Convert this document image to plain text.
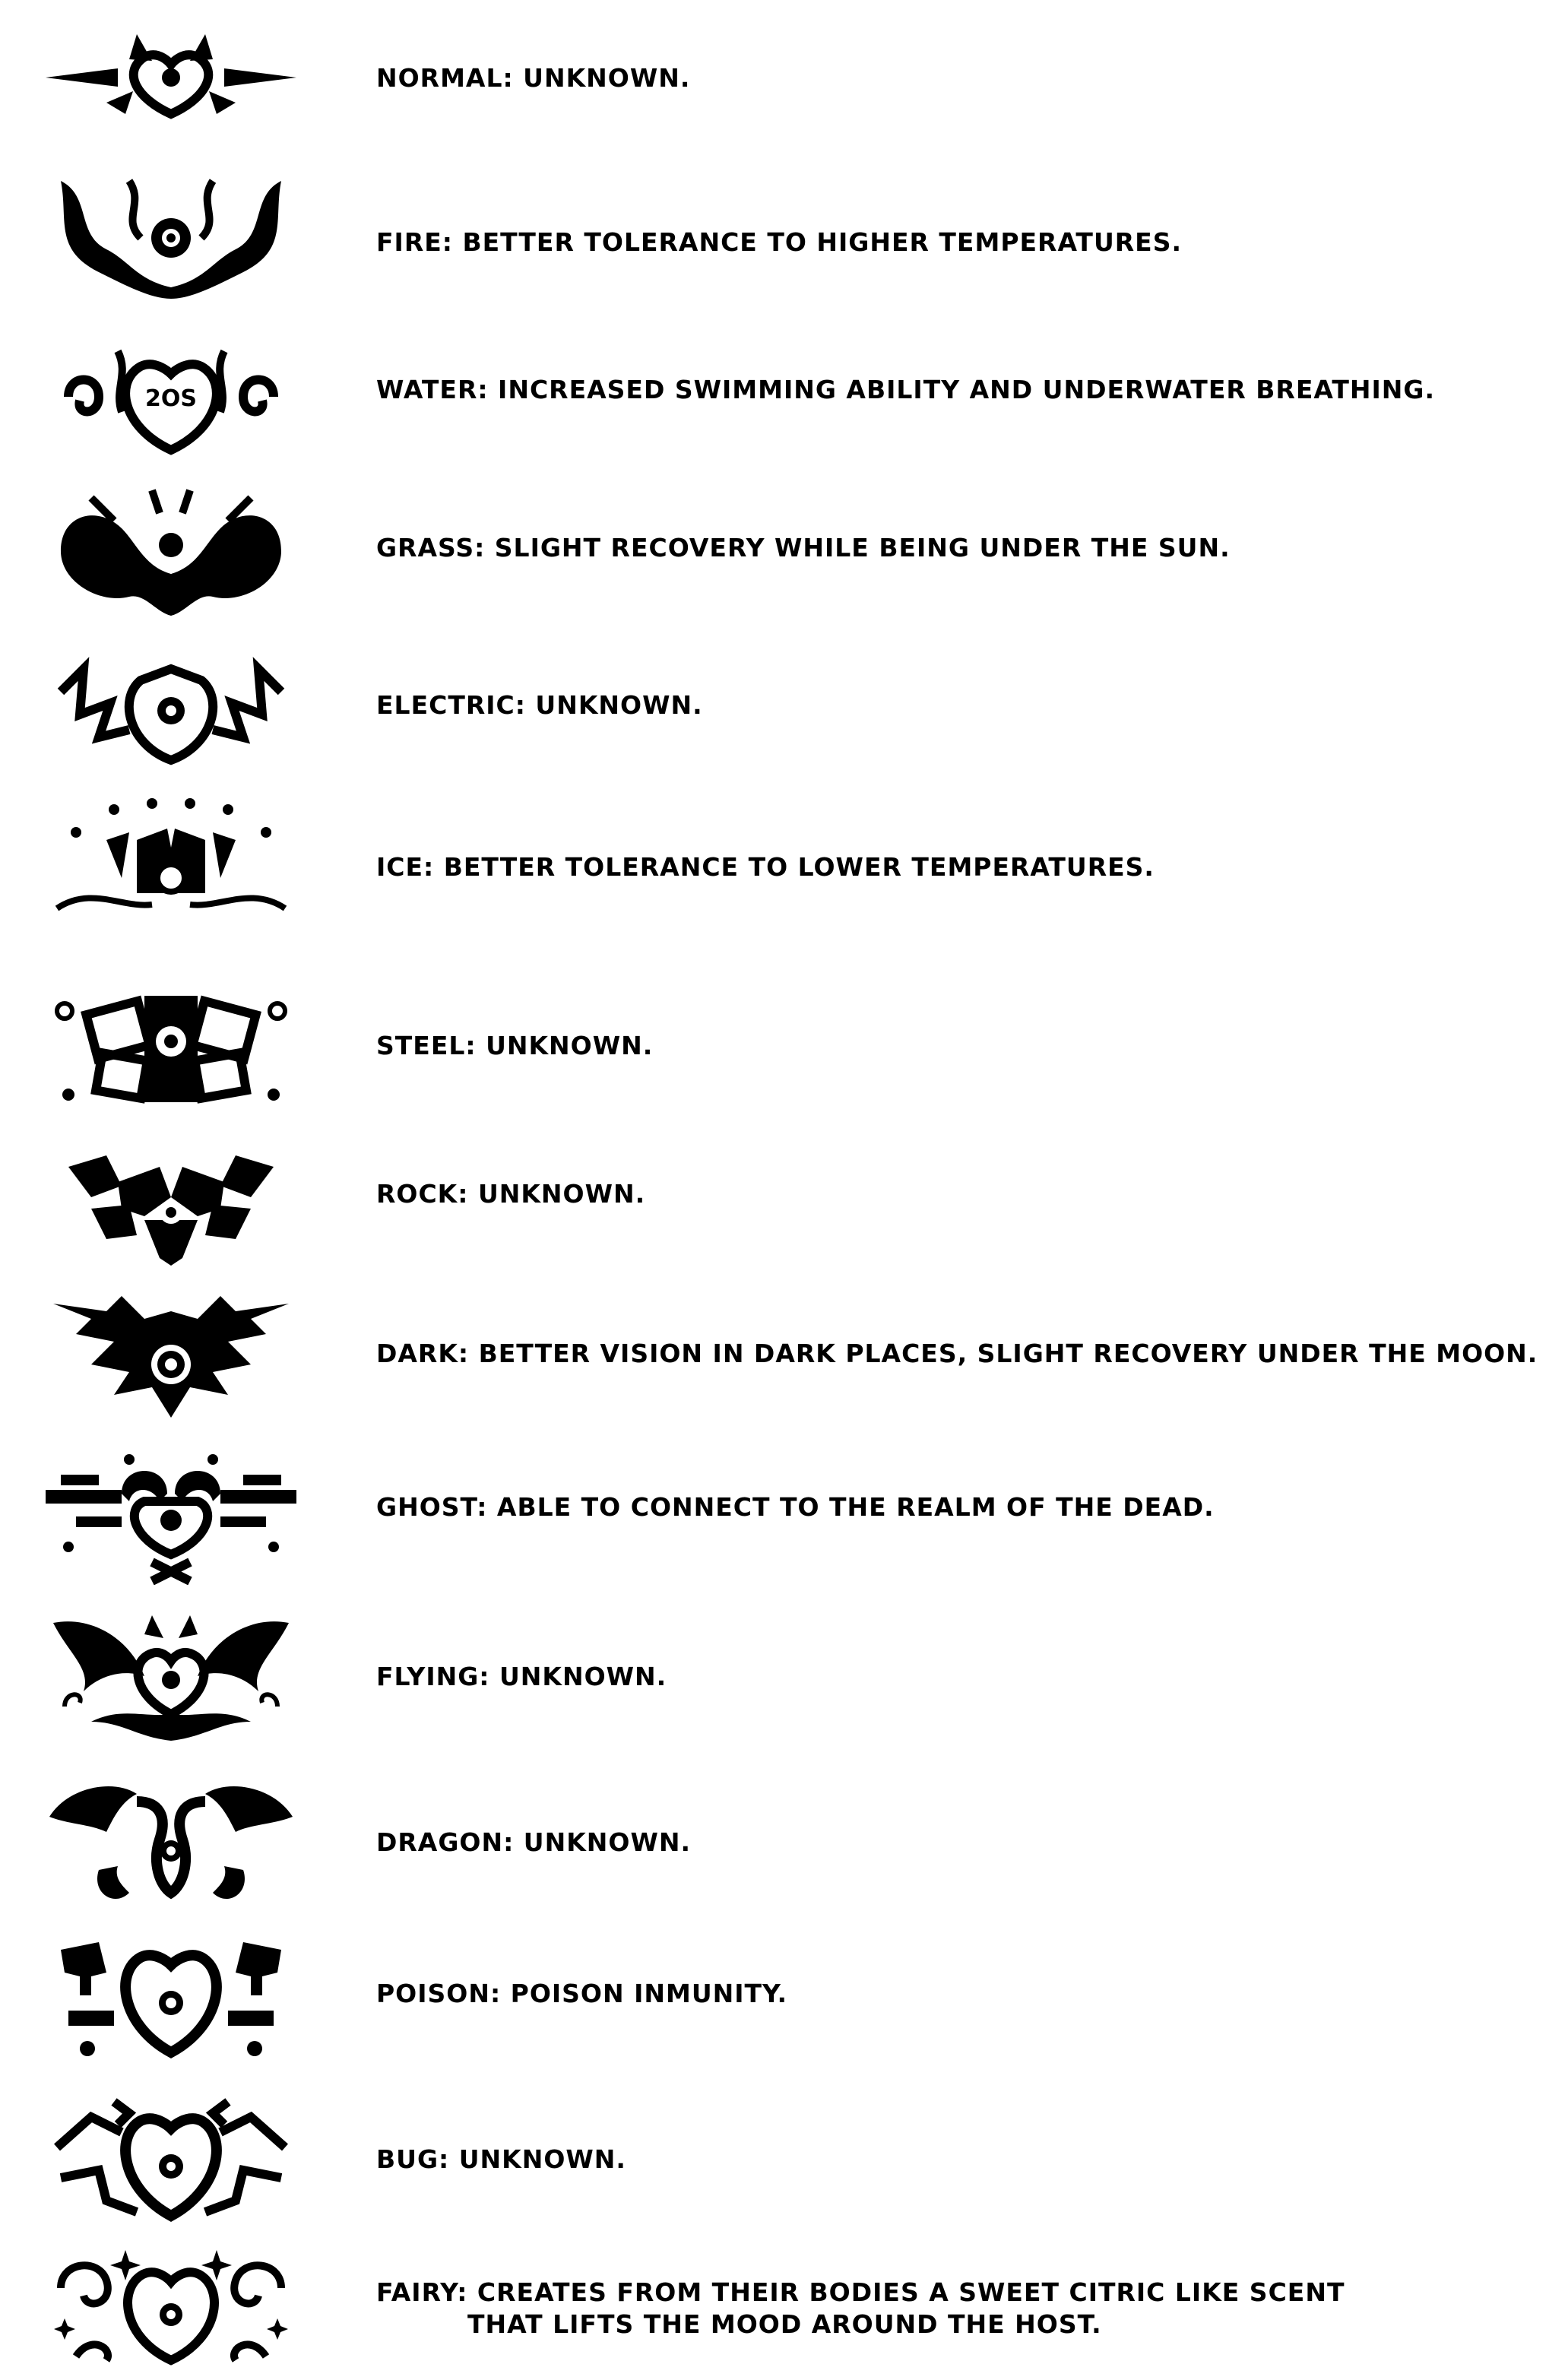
NORMAL: UNKNOWN.
FIRE: BETTER TOLERANCE TO HIGHER TEMPERATURES.
2OS	WATER: INCREASED SWIMMING ABILITY AND UNDERWATER BREATHING.
GRASS: SLIGHT RECOVERY WHILE BEING UNDER THE SUN.
ELECTRIC: UNKNOWN.
ICE: BETTER TOLERANCE TO LOWER TEMPERATURES.
STEEL: UNKNOWN.
ROCK: UNKNOWN.
DARK: BETTER VISION IN DARK PLACES, SLIGHT RECOVERY UNDER THE MOON.
GHOST: ABLE TO CONNECT TO THE REALM OF THE DEAD.
FLYING: UNKNOWN.
DRAGON: UNKNOWN.
POISON: POISON INMUNITY.
BUG: UNKNOWN.
FAIRY: CREATES FROM THEIR BODIES A SWEET CITRIC LIKE SCENT
THAT LIFTS THE MOOD AROUND THE HOST.
